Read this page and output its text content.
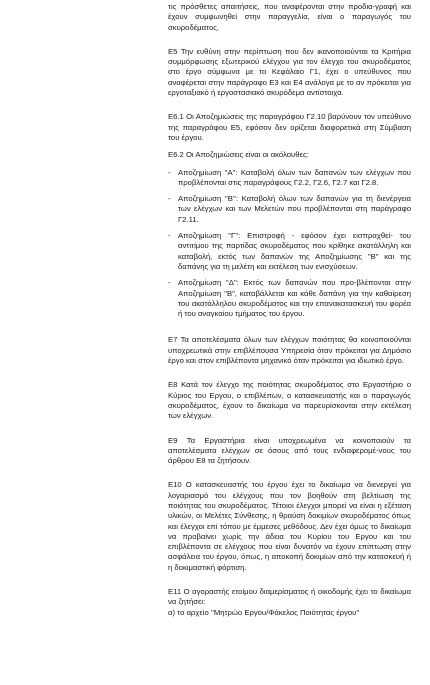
τις πρόσθετες απαιτήσεις, που αναφέρονται στην προδια-γραφή και έχουν συμφωνηθεί στην παραγγελία, είναι ο παραγωγός του σκυροδέματος.

E5 Την ευθύνη στην περίπτωση που δεν ικανοποιούνται τα Κριτήρια συμμόρφωσης εξωτερικού ελέγχου για τον έλεγχο του σκυροδέματος στο έργο σύμφωνα με το Κεφάλαιο Γ1, έχει ο υπεύθυνος που αναφέρεται στην παράγραφο E3 και E4 ανάλογα με το αν πρόκειται για εργοταξιακό ή εργοστασιακό σκυρόδεμα αντίστοιχα.

E6.1 Οι Αποζημιώσεις της παραγράφου Γ2.10 βαρύνουν τον υπεύθυνο της παραγράφου E5, εφόσον δεν ορίζεται διαφορετικά στη Σύμβαση του έργου.

E6.2 Οι Αποζημιώσεις είναι οι ακόλουθες:

- Αποζημίωση ''A'': Καταβολή όλων των δαπανών των ελέγχων που προβλέπονται στις παραγράφους Γ2.2, Γ2.6, Γ2.7 και Γ2.8.
- Αποζημίωση ''B'': Καταβολή όλων των δαπανών για τη διενέργεια των ελέγχων και των Μελετών που προβλέπονται στη παράγραφο Γ2.11.
- Αποζημίωση ''Γ'': Επιστροφή - εφόσον έχει εισπραχθεί- του αντιτίμου της παρτίδας σκυροδέματος που κρίθηκε ακατάλληλη και καταβολή, εκτός των δαπανών της Αποζημίωσης "Β" και της δαπάνης για τη μελέτη και εκτέλεση των ενισχύσεων.
- Αποζημίωση ''Δ'': Εκτός των δαπανών που προ-βλέπονται στην Αποζημίωση "Β", καταβάλλεται και κάθε δαπάνη για την καθαίρεση του ακατάλληλου σκυροδέματος και την επανακατασκευή του φορέα ή του αναγκαίου τμήματος του έργου.

E7 Τα αποτελέσματα όλων των ελέγχων ποιότητας θα κοινοποιούνται υποχρεωτικά στην επιβλέπουσα Υπηρεσία όταν πρόκειται για Δημόσιο έργο και στον επιβλέποντα μηχανικό όταν πρόκειται για ιδιωτικό έργο.

E8 Κατά τον έλεγχο της ποιότητας σκυροδέματος στο Εργαστήριο ο Κύριος του Εργου, ο επιβλέπων, ο κατασκευαστής και ο παραγωγός σκυροδέματος, έχουν το δικαίωμα να παρευρίσκονται στην εκτέλεση των ελέγχων.

E9 Τα Εργαστήρια είναι υποχρεωμένα να κοινοποιούν τα αποτελέσματα ελέγχων σε όσους από τους ενδιαφερομέ-νους του άρθρου E8 τα ζητήσουν.

E10 Ο κατασκευαστής του έργου έχει το δικαίωμα να διενεργεί για λογαριασμό του ελέγχους που τον βοηθούν στη βελτίωση της ποιότητας του σκυροδέματος. Τέτοιοι έλεγχοι μπορεί να είναι η εξέταση υλικών, οι Μελέτες Σύνθεσης, η θραύση δοκιμίων σκυροδέματος όπως και έλεγχοι επί τόπου με έμμεσες μεθόδους. Δεν έχει όμως το δικαίωμα να προβαίνει χωρίς την άδεια του Κυρίου του Εργου και του επιβλέποντα σε ελέγχους που είναι δυνατόν να έχουν επίπτωση στην ασφάλεια του έργου, όπως, η αποκοπή δοκιμίων από την κατασκευή ή η δοκιμαστική φόρτιση.

E11 Ο αγοραστής ετοίμου διαμερίσματος ή οικοδομής έχει το δικαίωμα να ζητήσει:

α) το αρχείο ''Μητρώο Εργου/Φάκελος Ποιότητας έργου''
